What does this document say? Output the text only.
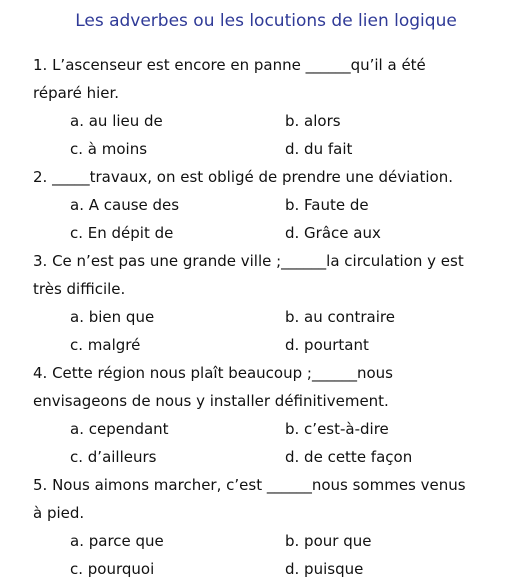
Les adverbes ou les locutions de lien logique
1. L’ascenseur est encore en panne ______qu’il a été
réparé hier.
a. au lieu de	b. alors
c. à moins	d. du fait
2. _____travaux, on est obligé de prendre une déviation.
a. A cause des	b. Faute de
c. En dépit de	d. Grâce aux
3. Ce n’est pas une grande ville ;______la circulation y est
très difficile.
a. bien que	b. au contraire
c. malgré	d. pourtant
4. Cette région nous plaît beaucoup ;______nous
envisageons de nous y installer définitivement.
a. cependant	b. c’est-à-dire
c. d’ailleurs	d. de cette façon
5. Nous aimons marcher, c’est ______nous sommes venus
à pied.
a. parce que	b. pour que
c. pourquoi	d. puisque
